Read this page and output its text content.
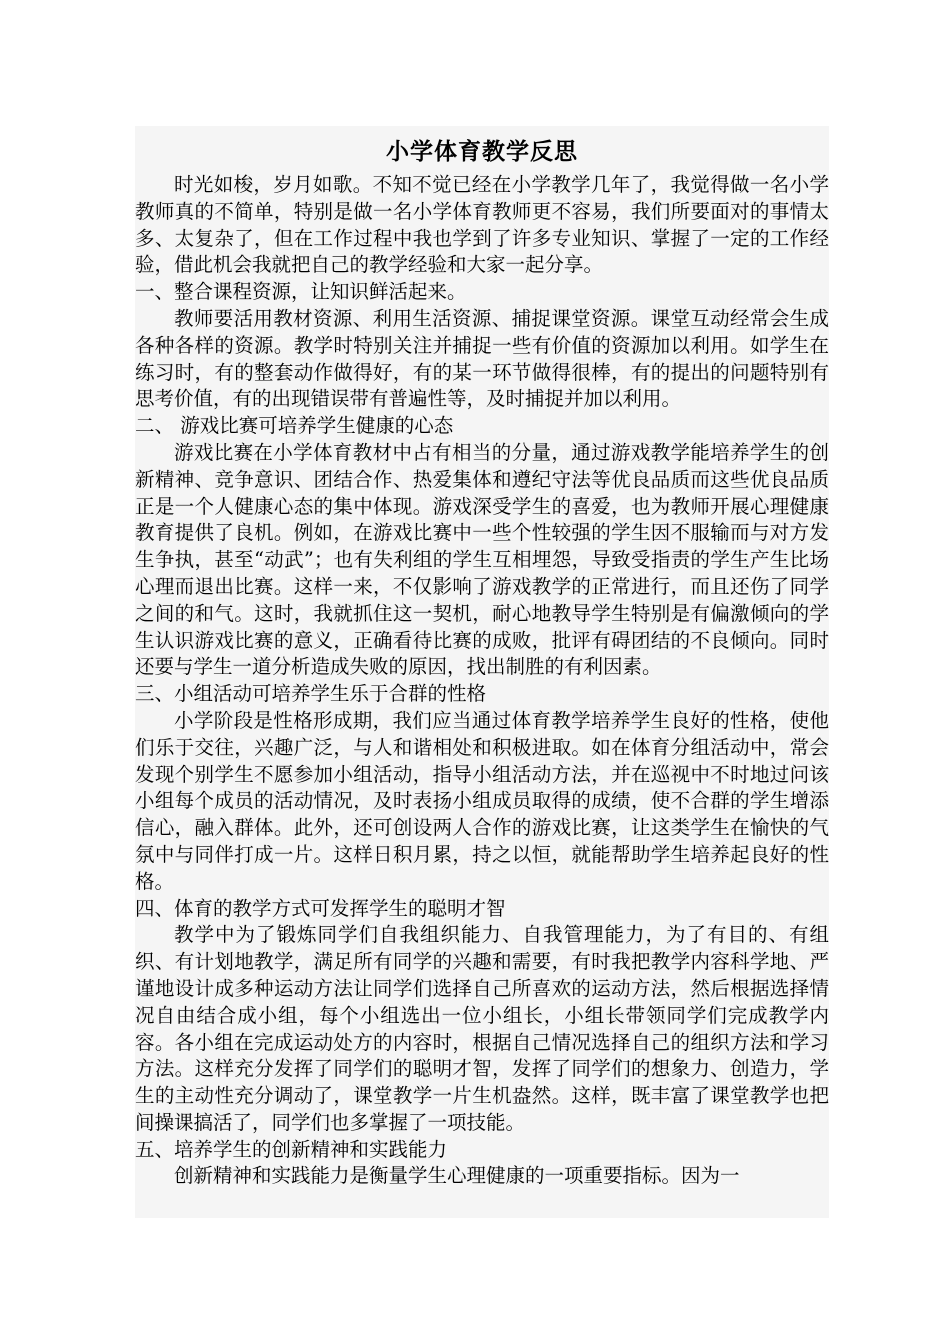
小学体育教学反思

时光如梭，岁月如歌。不知不觉已经在小学教学几年了，我觉得做一名小学教师真的不简单，特别是做一名小学体育教师更不容易，我们所要面对的事情太多、太复杂了，但在工作过程中我也学到了许多专业知识、掌握了一定的工作经验，借此机会我就把自己的教学经验和大家一起分享。

一、整合课程资源，让知识鲜活起来。

教师要活用教材资源、利用生活资源、捕捉课堂资源。课堂互动经常会生成各种各样的资源。教学时特别关注并捕捉一些有价值的资源加以利用。如学生在练习时，有的整套动作做得好，有的某一环节做得很棒，有的提出的问题特别有思考价值，有的出现错误带有普遍性等，及时捕捉并加以利用。

二、 游戏比赛可培养学生健康的心态

游戏比赛在小学体育教材中占有相当的分量，通过游戏教学能培养学生的创新精神、竞争意识、团结合作、热爱集体和遵纪守法等优良品质而这些优良品质正是一个人健康心态的集中体现。游戏深受学生的喜爱，也为教师开展心理健康教育提供了良机。例如，在游戏比赛中一些个性较强的学生因不服输而与对方发生争执，甚至“动武”；也有失利组的学生互相埋怨，导致受指责的学生产生比场心理而退出比赛。这样一来，不仅影响了游戏教学的正常进行，而且还伤了同学之间的和气。这时，我就抓住这一契机，耐心地教导学生特别是有偏激倾向的学生认识游戏比赛的意义，正确看待比赛的成败，批评有碍团结的不良倾向。同时还要与学生一道分析造成失败的原因，找出制胜的有利因素。

三、小组活动可培养学生乐于合群的性格

小学阶段是性格形成期，我们应当通过体育教学培养学生良好的性格，使他们乐于交往，兴趣广泛，与人和谐相处和积极进取。如在体育分组活动中，常会发现个别学生不愿参加小组活动，指导小组活动方法，并在巡视中不时地过问该小组每个成员的活动情况，及时表扬小组成员取得的成绩，使不合群的学生增添信心，融入群体。此外，还可创设两人合作的游戏比赛，让这类学生在愉快的气氛中与同伴打成一片。这样日积月累，持之以恒，就能帮助学生培养起良好的性格。

四、体育的教学方式可发挥学生的聪明才智

教学中为了锻炼同学们自我组织能力、自我管理能力，为了有目的、有组织、有计划地教学，满足所有同学的兴趣和需要，有时我把教学内容科学地、严谨地设计成多种运动方法让同学们选择自己所喜欢的运动方法，然后根据选择情况自由结合成小组，每个小组选出一位小组长，小组长带领同学们完成教学内容。各小组在完成运动处方的内容时，根据自己情况选择自己的组织方法和学习方法。这样充分发挥了同学们的聪明才智，发挥了同学们的想象力、创造力，学生的主动性充分调动了，课堂教学一片生机盎然。这样，既丰富了课堂教学也把间操课搞活了，同学们也多掌握了一项技能。

五、培养学生的创新精神和实践能力

创新精神和实践能力是衡量学生心理健康的一项重要指标。因为一
